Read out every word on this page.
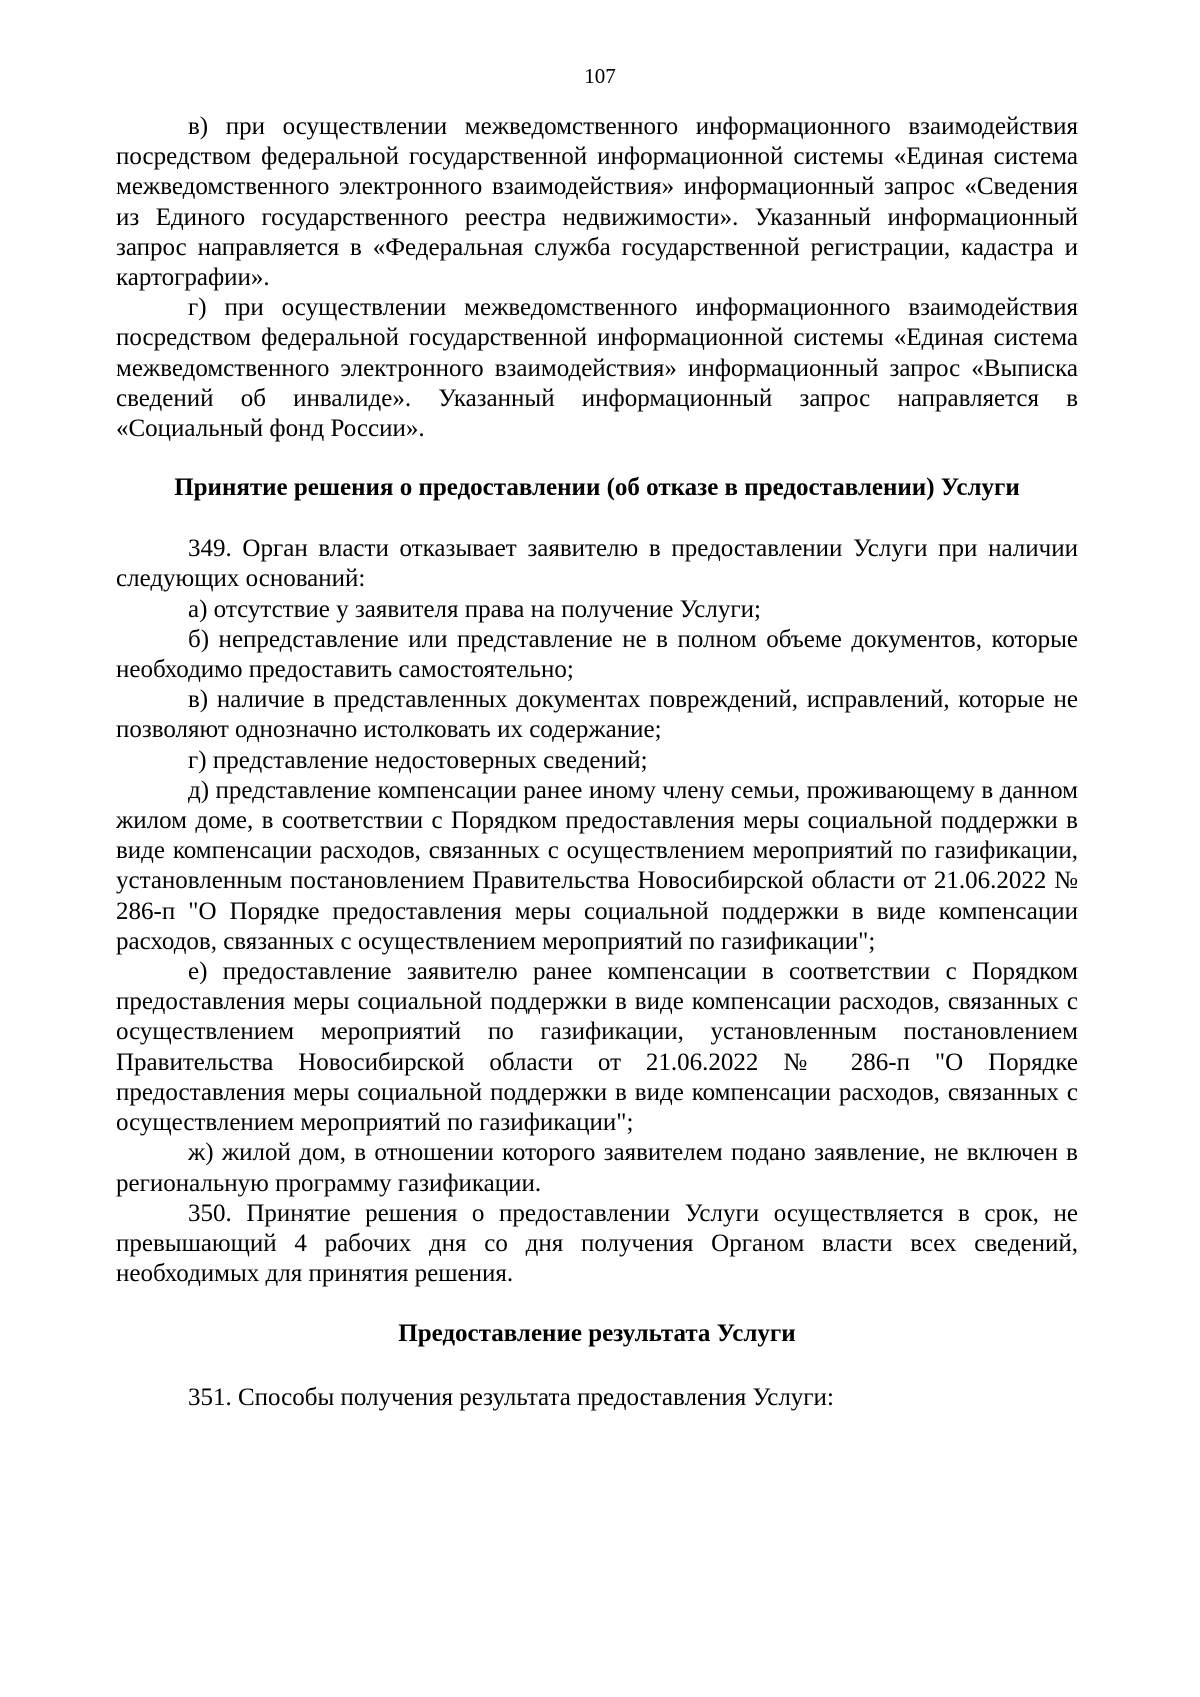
107

в) при осуществлении межведомственного информационного взаимодействия посредством федеральной государственной информационной системы «Единая система межведомственного электронного взаимодействия» информационный запрос «Сведения из Единого государственного реестра недвижимости». Указанный информационный запрос направляется в «Федеральная служба государственной регистрации, кадастра и картографии».

г) при осуществлении межведомственного информационного взаимодействия посредством федеральной государственной информационной системы «Единая система межведомственного электронного взаимодействия» информационный запрос «Выписка сведений об инвалиде». Указанный информационный запрос направляется в «Социальный фонд России».

Принятие решения о предоставлении (об отказе в предоставлении) Услуги

349. Орган власти отказывает заявителю в предоставлении Услуги при наличии следующих оснований:

а) отсутствие у заявителя права на получение Услуги;

б) непредставление или представление не в полном объеме документов, которые необходимо предоставить самостоятельно;

в) наличие в представленных документах повреждений, исправлений, которые не позволяют однозначно истолковать их содержание;

г) представление недостоверных сведений;

д) представление компенсации ранее иному члену семьи, проживающему в данном жилом доме, в соответствии с Порядком предоставления меры социальной поддержки в виде компенсации расходов, связанных с осуществлением мероприятий по газификации, установленным постановлением Правительства Новосибирской области от 21.06.2022 № 286-п "О Порядке предоставления меры социальной поддержки в виде компенсации расходов, связанных с осуществлением мероприятий по газификации";

е) предоставление заявителю ранее компенсации в соответствии с Порядком предоставления меры социальной поддержки в виде компенсации расходов, связанных с осуществлением мероприятий по газификации, установленным постановлением Правительства Новосибирской области от 21.06.2022 № 286-п "О Порядке предоставления меры социальной поддержки в виде компенсации расходов, связанных с осуществлением мероприятий по газификации";

ж) жилой дом, в отношении которого заявителем подано заявление, не включен в региональную программу газификации.

350. Принятие решения о предоставлении Услуги осуществляется в срок, не превышающий 4 рабочих дня со дня получения Органом власти всех сведений, необходимых для принятия решения.

Предоставление результата Услуги

351. Способы получения результата предоставления Услуги:
